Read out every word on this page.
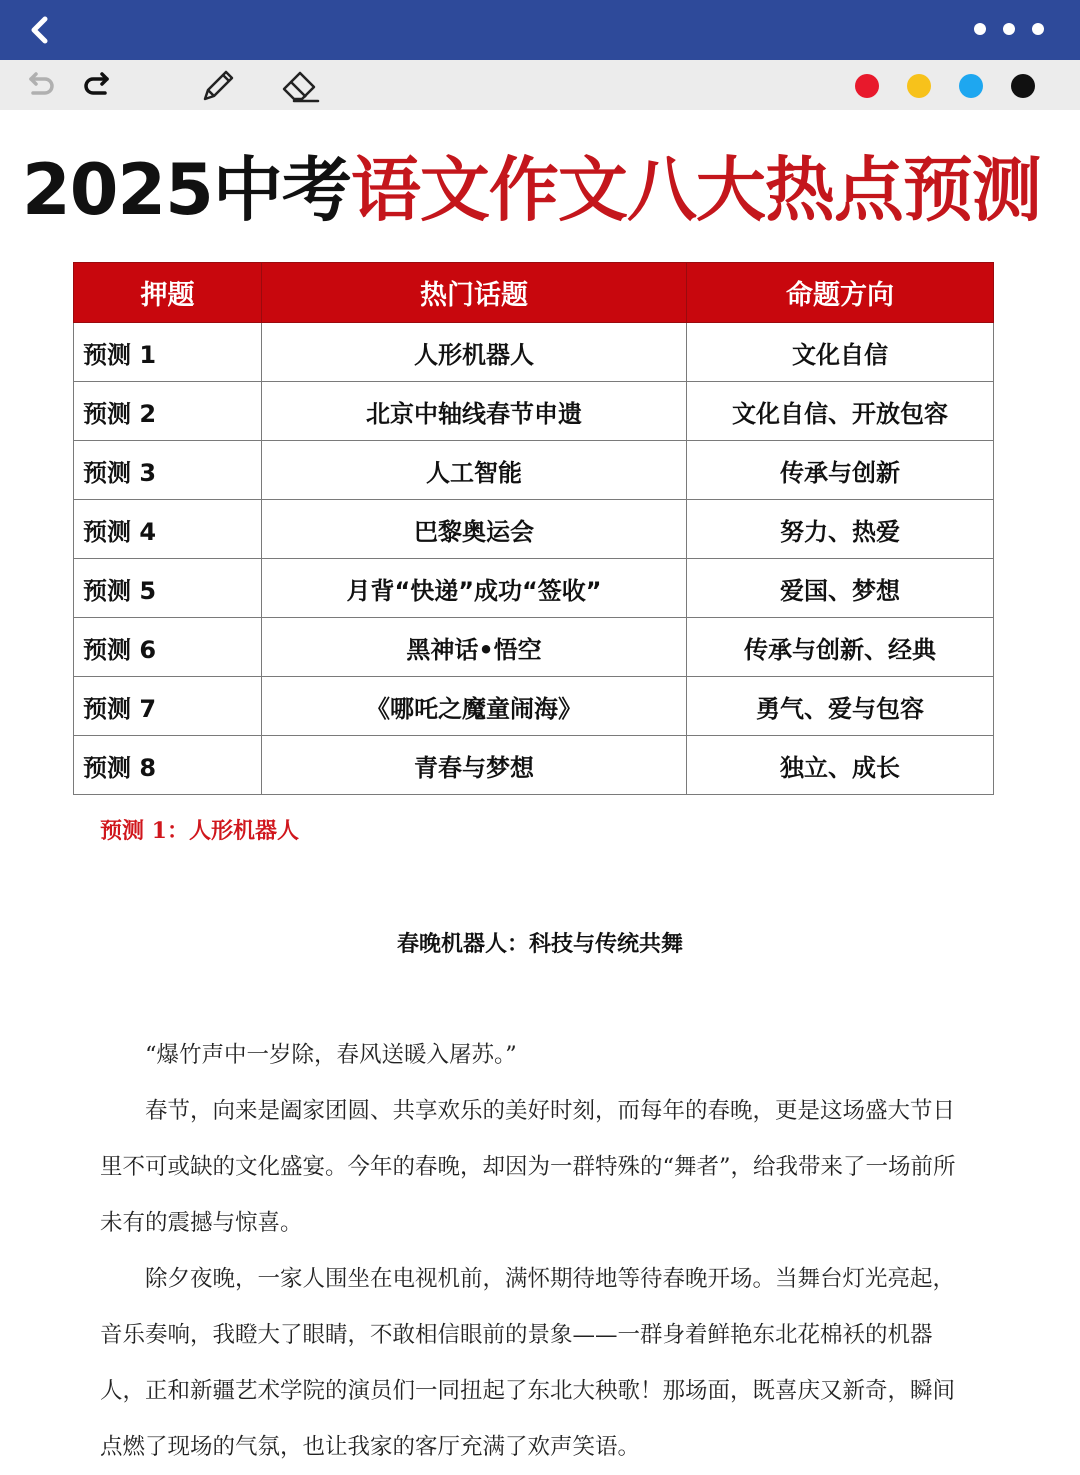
2025中考语文作文八大热点预测
押题	热门话题	命题方向
预测 1	人形机器人	文化自信
预测 2	北京中轴线春节申遗	文化自信、开放包容
预测 3	人工智能	传承与创新
预测 4	巴黎奥运会	努力、热爱
预测 5	月背“快递”成功“签收”	爱国、梦想
预测 6	黑神话•悟空	传承与创新、经典
预测 7	《哪吒之魔童闹海》	勇气、爱与包容
预测 8	青春与梦想	独立、成长
预测 1：人形机器人
春晚机器人：科技与传统共舞

“爆竹声中一岁除，春风送暖入屠苏。”

春节，向来是阖家团圆、共享欢乐的美好时刻，而每年的春晚，更是这场盛大节日里不可或缺的文化盛宴。今年的春晚，却因为一群特殊的“舞者”，给我带来了一场前所未有的震撼与惊喜。

除夕夜晚，一家人围坐在电视机前，满怀期待地等待春晚开场。当舞台灯光亮起，音乐奏响，我瞪大了眼睛，不敢相信眼前的景象——一群身着鲜艳东北花棉袄的机器人，正和新疆艺术学院的演员们一同扭起了东北大秧歌！那场面，既喜庆又新奇，瞬间点燃了现场的气氛，也让我家的客厅充满了欢声笑语。
